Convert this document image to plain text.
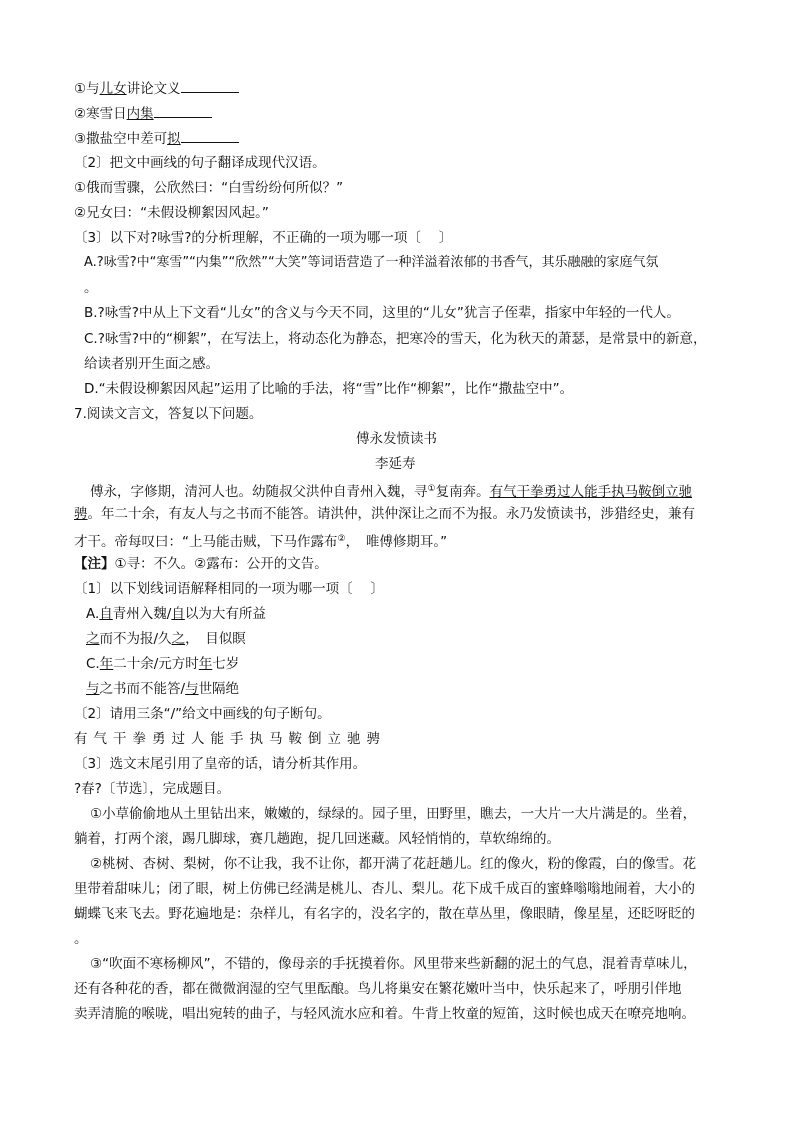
①与儿女讲论文义
②寒雪日内集
③撒盐空中差可拟
〔2〕把文中画线的句子翻译成现代汉语。
①俄而雪骤，公欣然曰：“白雪纷纷何所似？”
②兄女曰：“未假设柳絮因风起。”
〔3〕以下对?咏雪?的分析理解，不正确的一项为哪一项〔　 〕
A.?咏雪?中“寒雪”“内集”“欣然”“大笑”等词语营造了一种洋溢着浓郁的书香气，其乐融融的家庭气氛
。
B.?咏雪?中从上下文看“儿女”的含义与今天不同，这里的“儿女”犹言子侄辈，指家中年轻的一代人。
C.?咏雪?中的“柳絮”，在写法上，将动态化为静态，把寒冷的雪天，化为秋天的萧瑟，是常景中的新意，
给读者别开生面之感。
D.“未假设柳絮因风起”运用了比喻的手法，将“雪”比作“柳絮”，比作“撒盐空中”。
7.阅读文言文，答复以下问题。
傅永发愤读书
李延寿
傅永，字修期，清河人也。幼随叔父洪仲自青州入魏，寻①复南奔。有气干拳勇过人能手执马鞍倒立驰
骋。年二十余，有友人与之书而不能答。请洪仲，洪仲深让之而不为报。永乃发愤读书，涉猎经史，兼有
才干。帝每叹曰：“上马能击贼，下马作露布②，　唯傅修期耳。”
【注】①寻：不久。②露布：公开的文告。
〔1〕以下划线词语解释相同的一项为哪一项〔　 〕
A.自青州入魏/自以为大有所益
之而不为报/久之，　目似瞑
C.年二十余/元方时年七岁
与之书而不能答/与世隔绝
〔2〕请用三条“/”给文中画线的句子断句。
有气干拳勇过人能手执马鞍倒立驰骋
〔3〕选文末尾引用了皇帝的话，请分析其作用。
?春?〔节选〕，完成题目。
①小草偷偷地从土里钻出来，嫩嫩的，绿绿的。园子里，田野里，瞧去，一大片一大片满是的。坐着，
躺着，打两个滚，踢几脚球，赛几趟跑，捉几回迷藏。风轻悄悄的，草软绵绵的。
②桃树、杏树、梨树，你不让我，我不让你，都开满了花赶趟儿。红的像火，粉的像霞，白的像雪。花
里带着甜味儿；闭了眼，树上仿佛已经满是桃儿、杏儿、梨儿。花下成千成百的蜜蜂嗡嗡地闹着，大小的
蝴蝶飞来飞去。野花遍地是：杂样儿，有名字的，没名字的，散在草丛里，像眼睛，像星星，还眨呀眨的
。
③“吹面不寒杨柳风”，不错的，像母亲的手抚摸着你。风里带来些新翻的泥土的气息，混着青草味儿，
还有各种花的香，都在微微润湿的空气里酝酿。鸟儿将巢安在繁花嫩叶当中，快乐起来了，呼朋引伴地
卖弄清脆的喉咙，唱出宛转的曲子，与轻风流水应和着。牛背上牧童的短笛，这时候也成天在嘹亮地响。
